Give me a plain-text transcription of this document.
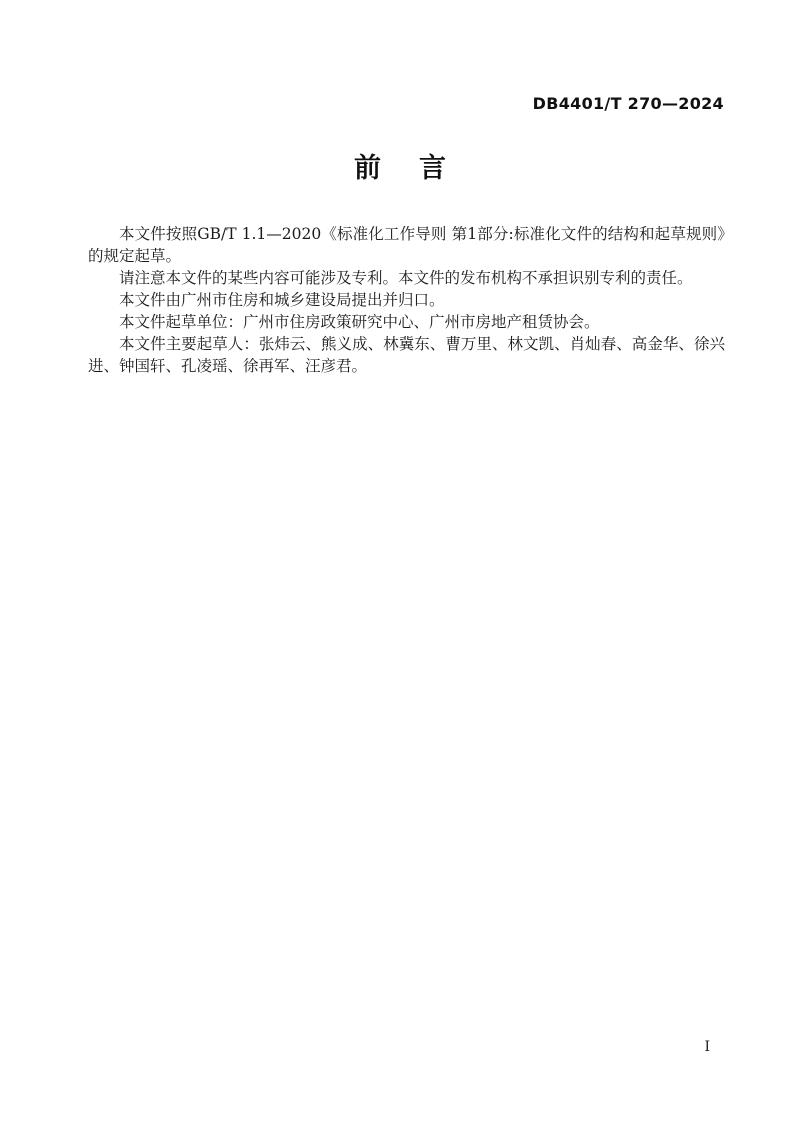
DB4401/T 270—2024
前 言

本文件按照GB/T 1.1—2020《标准化工作导则 第1部分:标准化文件的结构和起草规则》的规定起草。

请注意本文件的某些内容可能涉及专利。本文件的发布机构不承担识别专利的责任。

本文件由广州市住房和城乡建设局提出并归口。

本文件起草单位：广州市住房政策研究中心、广州市房地产租赁协会。

本文件主要起草人：张炜云、熊义成、林冀东、曹万里、林文凯、肖灿春、高金华、徐兴进、钟国轩、孔凌瑶、徐再军、汪彦君。

I
